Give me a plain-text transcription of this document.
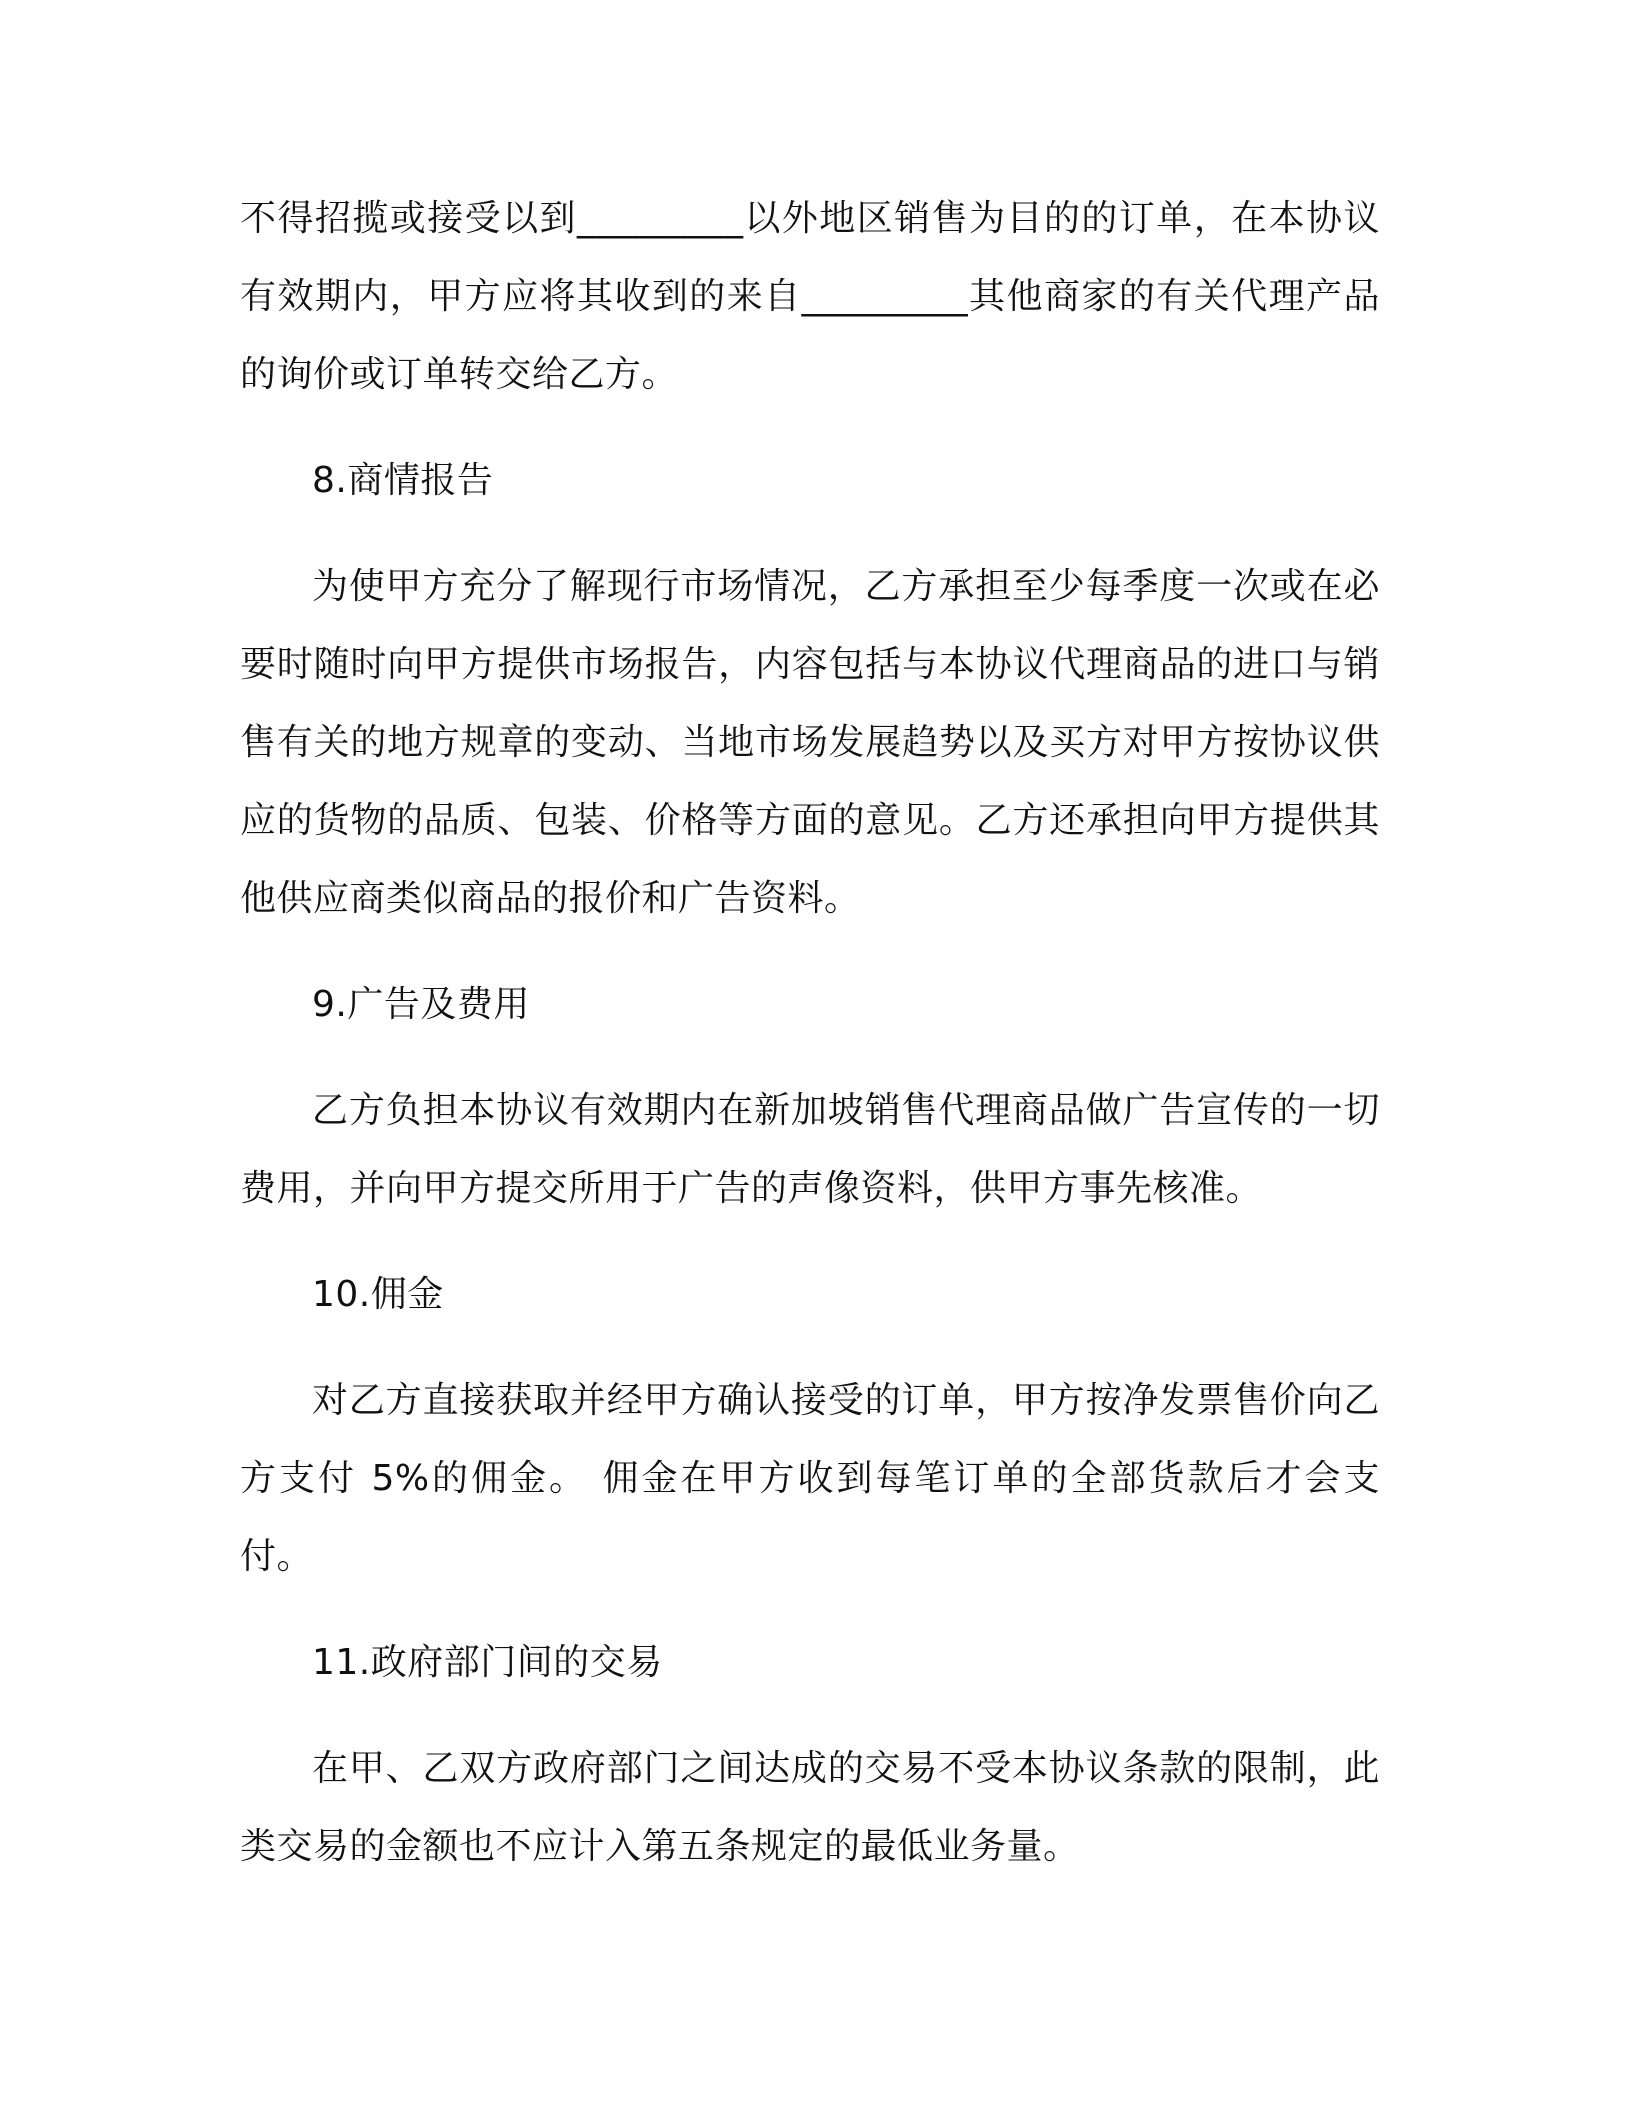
不得招揽或接受以到_________以外地区销售为目的的订单，在本协议有效期内，甲方应将其收到的来自_________其他商家的有关代理产品的询价或订单转交给乙方。

8.商情报告

为使甲方充分了解现行市场情况，乙方承担至少每季度一次或在必要时随时向甲方提供市场报告，内容包括与本协议代理商品的进口与销售有关的地方规章的变动、当地市场发展趋势以及买方对甲方按协议供应的货物的品质、包装、价格等方面的意见。乙方还承担向甲方提供其他供应商类似商品的报价和广告资料。

9.广告及费用

乙方负担本协议有效期内在新加坡销售代理商品做广告宣传的一切费用，并向甲方提交所用于广告的声像资料，供甲方事先核准。

10.佣金

对乙方直接获取并经甲方确认接受的订单，甲方按净发票售价向乙方支付 5%的佣金。 佣金在甲方收到每笔订单的全部货款后才会支付。

11.政府部门间的交易

在甲、乙双方政府部门之间达成的交易不受本协议条款的限制，此类交易的金额也不应计入第五条规定的最低业务量。
